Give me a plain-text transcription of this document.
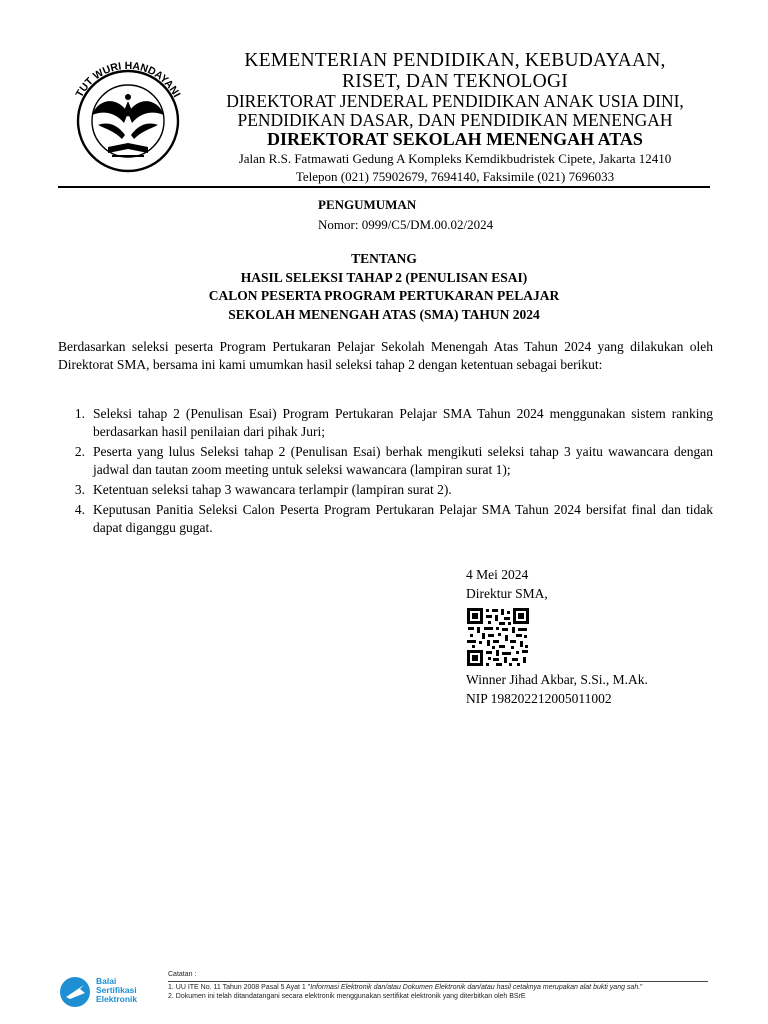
TUT WURI HANDAYANI
KEMENTERIAN PENDIDIKAN, KEBUDAYAAN,
RISET, DAN TEKNOLOGI
DIREKTORAT JENDERAL PENDIDIKAN ANAK USIA DINI,
PENDIDIKAN DASAR, DAN PENDIDIKAN MENENGAH
DIREKTORAT SEKOLAH MENENGAH ATAS
Jalan R.S. Fatmawati Gedung A Kompleks Kemdikbudristek Cipete, Jakarta 12410
Telepon (021) 75902679, 7694140, Faksimile (021) 7696033
PENGUMUMAN
Nomor: 0999/C5/DM.00.02/2024
TENTANG
HASIL SELEKSI TAHAP 2 (PENULISAN ESAI)
CALON PESERTA PROGRAM PERTUKARAN PELAJAR
SEKOLAH MENENGAH ATAS (SMA) TAHUN 2024
Berdasarkan seleksi peserta Program Pertukaran Pelajar Sekolah Menengah Atas Tahun 2024 yang dilakukan oleh Direktorat SMA, bersama ini kami umumkan hasil seleksi tahap 2 dengan ketentuan sebagai berikut:
1. Seleksi tahap 2 (Penulisan Esai) Program Pertukaran Pelajar SMA Tahun 2024 menggunakan sistem ranking berdasarkan hasil penilaian dari pihak Juri;
2. Peserta yang lulus Seleksi tahap 2 (Penulisan Esai) berhak mengikuti seleksi tahap 3 yaitu wawancara dengan jadwal dan tautan zoom meeting untuk seleksi wawancara (lampiran surat 1);
3. Ketentuan seleksi tahap 3 wawancara terlampir (lampiran surat 2).
4. Keputusan Panitia Seleksi Calon Peserta Program Pertukaran Pelajar SMA Tahun 2024 bersifat final dan tidak dapat diganggu gugat.
4 Mei 2024
Direktur SMA,
Winner Jihad Akbar, S.Si., M.Ak.
NIP 198202212005011002
Balai
Sertifikasi
Elektronik
Catatan :
1. UU ITE No. 11 Tahun 2008 Pasal 5 Ayat 1 "Informasi Elektronik dan/atau Dokumen Elektronik dan/atau hasil cetaknya merupakan alat bukti yang sah."
2. Dokumen ini telah ditandatangani secara elektronik menggunakan sertifikat elektronik yang diterbitkan oleh BSrE
